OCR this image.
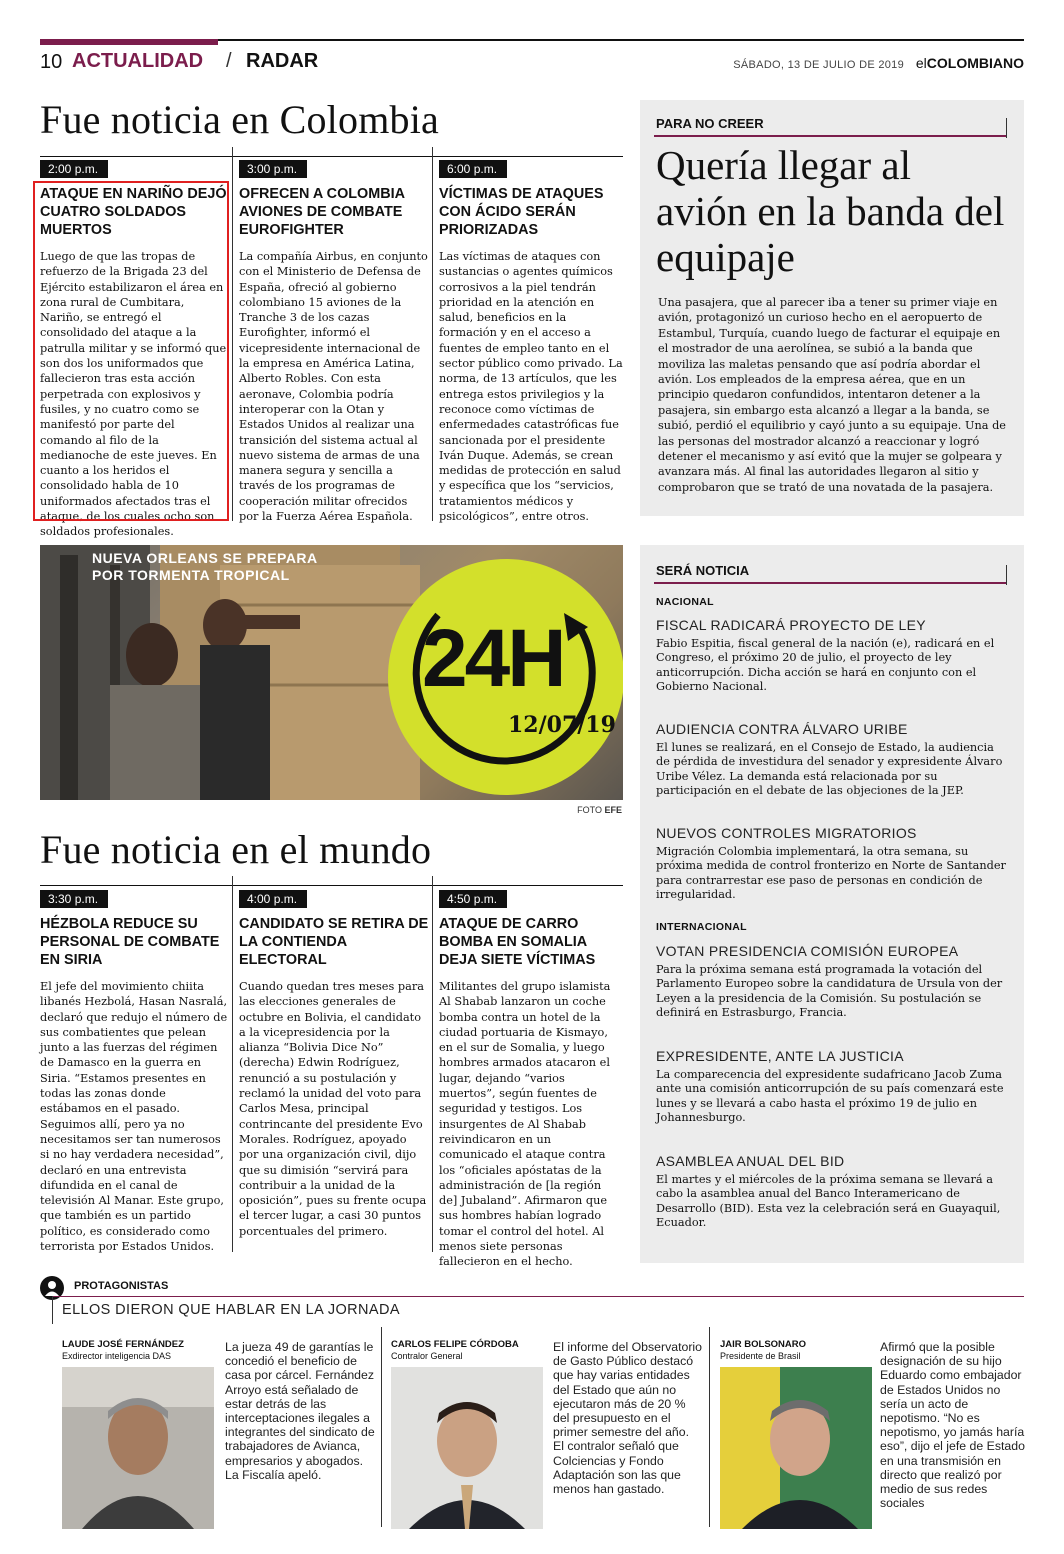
10 ACTUALIDAD / RADAR	SÁBADO, 13 DE JULIO DE 2019 elCOLOMBIANO
Fue noticia en Colombia
2:00 p.m.
ATAQUE EN NARIÑO DEJÓ CUATRO SOLDADOS MUERTOS
Luego de que las tropas de refuerzo de la Brigada 23 del Ejército estabilizaron el área en zona rural de Cumbitara, Nariño, se entregó el consolidado del ataque a la patrulla militar y se informó que son dos los uniformados que fallecieron tras esta acción perpetrada con explosivos y fusiles, y no cuatro como se manifestó por parte del comando al filo de la medianoche de este jueves. En cuanto a los heridos el consolidado habla de 10 uniformados afectados tras el ataque, de los cuales ocho son soldados profesionales.
3:00 p.m.
OFRECEN A COLOMBIA AVIONES DE COMBATE EUROFIGHTER
La compañía Airbus, en conjunto con el Ministerio de Defensa de España, ofreció al gobierno colombiano 15 aviones de la Tranche 3 de los cazas Eurofighter, informó el vicepresidente internacional de la empresa en América Latina, Alberto Robles. Con esta aeronave, Colombia podría interoperar con la Otan y Estados Unidos al realizar una transición del sistema actual al nuevo sistema de armas de una manera segura y sencilla a través de los programas de cooperación militar ofrecidos por la Fuerza Aérea Española.
6:00 p.m.
VÍCTIMAS DE ATAQUES CON ÁCIDO SERÁN PRIORIZADAS
Las víctimas de ataques con sustancias o agentes químicos corrosivos a la piel tendrán prioridad en la atención en salud, beneficios en la formación y en el acceso a fuentes de empleo tanto en el sector público como privado. La norma, de 13 artículos, que les entrega estos privilegios y la reconoce como víctimas de enfermedades catastróficas fue sancionada por el presidente Iván Duque. Además, se crean medidas de protección en salud y específica que los “servicios, tratamientos médicos y psicológicos”, entre otros.
PARA NO CREER
Quería llegar al avión en la banda del equipaje
Una pasajera, que al parecer iba a tener su primer viaje en avión, protagonizó un curioso hecho en el aeropuerto de Estambul, Turquía, cuando luego de facturar el equipaje en el mostrador de una aerolínea, se subió a la banda que moviliza las maletas pensando que así podría abordar el avión. Los empleados de la empresa aérea, que en un principio quedaron confundidos, intentaron detener a la pasajera, sin embargo esta alcanzó a llegar a la banda, se subió, perdió el equilibrio y cayó junto a su equipaje. Una de las personas del mostrador alcanzó a reaccionar y logró detener el mecanismo y así evitó que la mujer se golpeara y avanzara más. Al final las autoridades llegaron al sitio y comprobaron que se trató de una novatada de la pasajera.
NUEVA ORLEANS SE PREPARA
POR TORMENTA TROPICAL
24H
12/07/19
FOTO EFE
SERÁ NOTICIA
NACIONAL
FISCAL RADICARÁ PROYECTO DE LEY
Fabio Espitia, fiscal general de la nación (e), radicará en el Congreso, el próximo 20 de julio, el proyecto de ley anticorrupción. Dicha acción se hará en conjunto con el Gobierno Nacional.
AUDIENCIA CONTRA ÁLVARO URIBE
El lunes se realizará, en el Consejo de Estado, la audiencia de pérdida de investidura del senador y expresidente Álvaro Uribe Vélez. La demanda está relacionada por su participación en el debate de las objeciones de la JEP.
NUEVOS CONTROLES MIGRATORIOS
Migración Colombia implementará, la otra semana, su próxima medida de control fronterizo en Norte de Santander para contrarrestar ese paso de personas en condición de irregularidad.
INTERNACIONAL
VOTAN PRESIDENCIA COMISIÓN EUROPEA
Para la próxima semana está programada la votación del Parlamento Europeo sobre la candidatura de Ursula von der Leyen a la presidencia de la Comisión. Su postulación se definirá en Estrasburgo, Francia.
EXPRESIDENTE, ANTE LA JUSTICIA
La comparecencia del expresidente sudafricano Jacob Zuma ante una comisión anticorrupción de su país comenzará este lunes y se llevará a cabo hasta el próximo 19 de julio en Johannesburgo.
ASAMBLEA ANUAL DEL BID
El martes y el miércoles de la próxima semana se llevará a cabo la asamblea anual del Banco Interamericano de Desarrollo (BID). Esta vez la celebración será en Guayaquil, Ecuador.
Fue noticia en el mundo
3:30 p.m.
HÉZBOLA REDUCE SU PERSONAL DE COMBATE EN SIRIA
El jefe del movimiento chiita libanés Hezbolá, Hasan Nasralá, declaró que redujo el número de sus combatientes que pelean junto a las fuerzas del régimen de Damasco en la guerra en Siria. “Estamos presentes en todas las zonas donde estábamos en el pasado. Seguimos allí, pero ya no necesitamos ser tan numerosos si no hay verdadera necesidad”, declaró en una entrevista difundida en el canal de televisión Al Manar. Este grupo, que también es un partido político, es considerado como terrorista por Estados Unidos.
4:00 p.m.
CANDIDATO SE RETIRA DE LA CONTIENDA ELECTORAL
Cuando quedan tres meses para las elecciones generales de octubre en Bolivia, el candidato a la vicepresidencia por la alianza “Bolivia Dice No” (derecha) Edwin Rodríguez, renunció a su postulación y reclamó la unidad del voto para Carlos Mesa, principal contrincante del presidente Evo Morales. Rodríguez, apoyado por una organización civil, dijo que su dimisión “servirá para contribuir a la unidad de la oposición”, pues su frente ocupa el tercer lugar, a casi 30 puntos porcentuales del primero.
4:50 p.m.
ATAQUE DE CARRO BOMBA EN SOMALIA DEJA SIETE VÍCTIMAS
Militantes del grupo islamista Al Shabab lanzaron un coche bomba contra un hotel de la ciudad portuaria de Kismayo, en el sur de Somalia, y luego hombres armados atacaron el lugar, dejando “varios muertos”, según fuentes de seguridad y testigos. Los insurgentes de Al Shabab reivindicaron en un comunicado el ataque contra los “oficiales apóstatas de la administración de [la región de] Jubaland”. Afirmaron que sus hombres habían logrado tomar el control del hotel. Al menos siete personas fallecieron en el hecho.
PROTAGONISTAS
ELLOS DIERON QUE HABLAR EN LA JORNADA
LAUDE JOSÉ FERNÁNDEZ
Exdirector inteligencia DAS
La jueza 49 de garantías le concedió el beneficio de casa por cárcel. Fernández Arroyo está señalado de estar detrás de las interceptaciones ilegales a integrantes del sindicato de trabajadores de Avianca, empresarios y abogados. La Fiscalía apeló.
CARLOS FELIPE CÓRDOBA
Contralor General
El informe del Observatorio de Gasto Público destacó que hay varias entidades del Estado que aún no ejecutaron más de 20 % del presupuesto en el primer semestre del año. El contralor señaló que Colciencias y Fondo Adaptación son las que menos han gastado.
JAIR BOLSONARO
Presidente de Brasil
Afirmó que la posible designación de su hijo Eduardo como embajador de Estados Unidos no sería un acto de nepotismo. “No es nepotismo, yo jamás haría eso”, dijo el jefe de Estado en una transmisión en directo que realizó por medio de sus redes sociales
